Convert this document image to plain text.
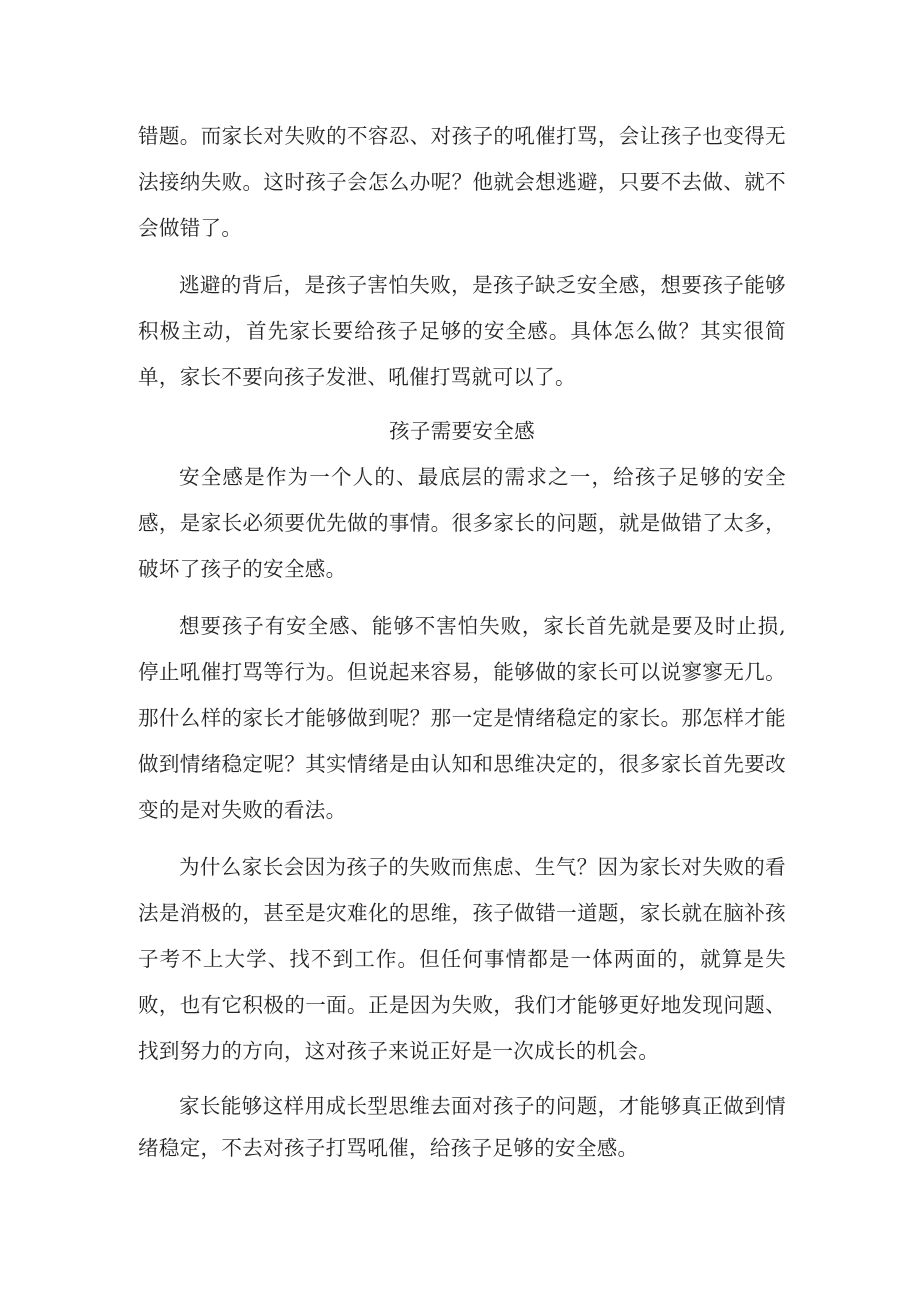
错题。而家长对失败的不容忍、对孩子的吼催打骂，会让孩子也变得无法接纳失败。这时孩子会怎么办呢？他就会想逃避，只要不去做、就不会做错了。

逃避的背后，是孩子害怕失败，是孩子缺乏安全感，想要孩子能够积极主动，首先家长要给孩子足够的安全感。具体怎么做？其实很简单，家长不要向孩子发泄、吼催打骂就可以了。

孩子需要安全感

安全感是作为一个人的、最底层的需求之一，给孩子足够的安全感，是家长必须要优先做的事情。很多家长的问题，就是做错了太多，破坏了孩子的安全感。

想要孩子有安全感、能够不害怕失败，家长首先就是要及时止损,停止吼催打骂等行为。但说起来容易，能够做的家长可以说寥寥无几。那什么样的家长才能够做到呢？那一定是情绪稳定的家长。那怎样才能做到情绪稳定呢？其实情绪是由认知和思维决定的，很多家长首先要改变的是对失败的看法。

为什么家长会因为孩子的失败而焦虑、生气？因为家长对失败的看法是消极的，甚至是灾难化的思维，孩子做错一道题，家长就在脑补孩子考不上大学、找不到工作。但任何事情都是一体两面的，就算是失败，也有它积极的一面。正是因为失败，我们才能够更好地发现问题、找到努力的方向，这对孩子来说正好是一次成长的机会。

家长能够这样用成长型思维去面对孩子的问题，才能够真正做到情绪稳定，不去对孩子打骂吼催，给孩子足够的安全感。
